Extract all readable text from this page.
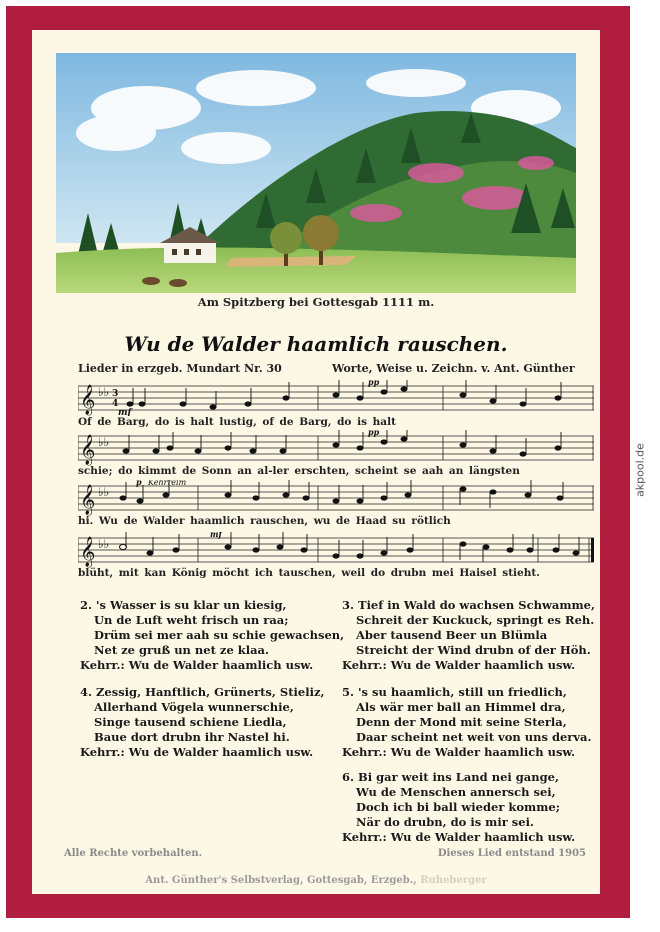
Am Spitzberg bei Gottesgab 1111 m.
Wu de Walder haamlich rauschen.
Lieder in erzgeb. Mundart Nr. 30	Worte, Weise u. Zeichn. v. Ant. Günther
𝄞 ♭♭ 3
4
mf
pp
Of de Barg, do is halt lustig, of de Barg, do is halt
𝄞 ♭♭
pp
schie; do kimmt de Sonn an al-ler erschten, scheint se aah an längsten
𝄞 ♭♭
p Kehrreim
hi. Wu de Walder haamlich rauschen, wu de Haad su rötlich
𝄞 ♭♭
mf
blüht, mit kan König möcht ich tauschen, weil do drubn mei Haisel stieht.
2. 's Wasser is su klar un kiesig,
Un de Luft weht frisch un raa;
Drüm sei mer aah su schie gewachsen,
Net ze gruß un net ze klaa.
Kehrr.: Wu de Walder haamlich usw.
3. Tief in Wald do wachsen Schwamme,
Schreit der Kuckuck, springt es Reh.
Aber tausend Beer un Blümla
Streicht der Wind drubn of der Höh.
Kehrr.: Wu de Walder haamlich usw.
4. Zessig, Hanftlich, Grünerts, Stieliz,
Allerhand Vögela wunnerschie,
Singe tausend schiene Liedla,
Baue dort drubn ihr Nastel hi.
Kehrr.: Wu de Walder haamlich usw.
5. 's su haamlich, still un friedlich,
Als wär mer ball an Himmel dra,
Denn der Mond mit seine Sterla,
Daar scheint net weit von uns derva.
Kehrr.: Wu de Walder haamlich usw.
6. Bi gar weit ins Land nei gange,
Wu de Menschen annersch sei,
Doch ich bi ball wieder komme;
När do drubn, do is mir sei.
Kehrr.: Wu de Walder haamlich usw.
Alle Rechte vorbehalten.	Dieses Lied entstand 1905
Ant. Günther's Selbstverlag, Gottesgab, Erzgeb., Ruheberger
akpool.de
